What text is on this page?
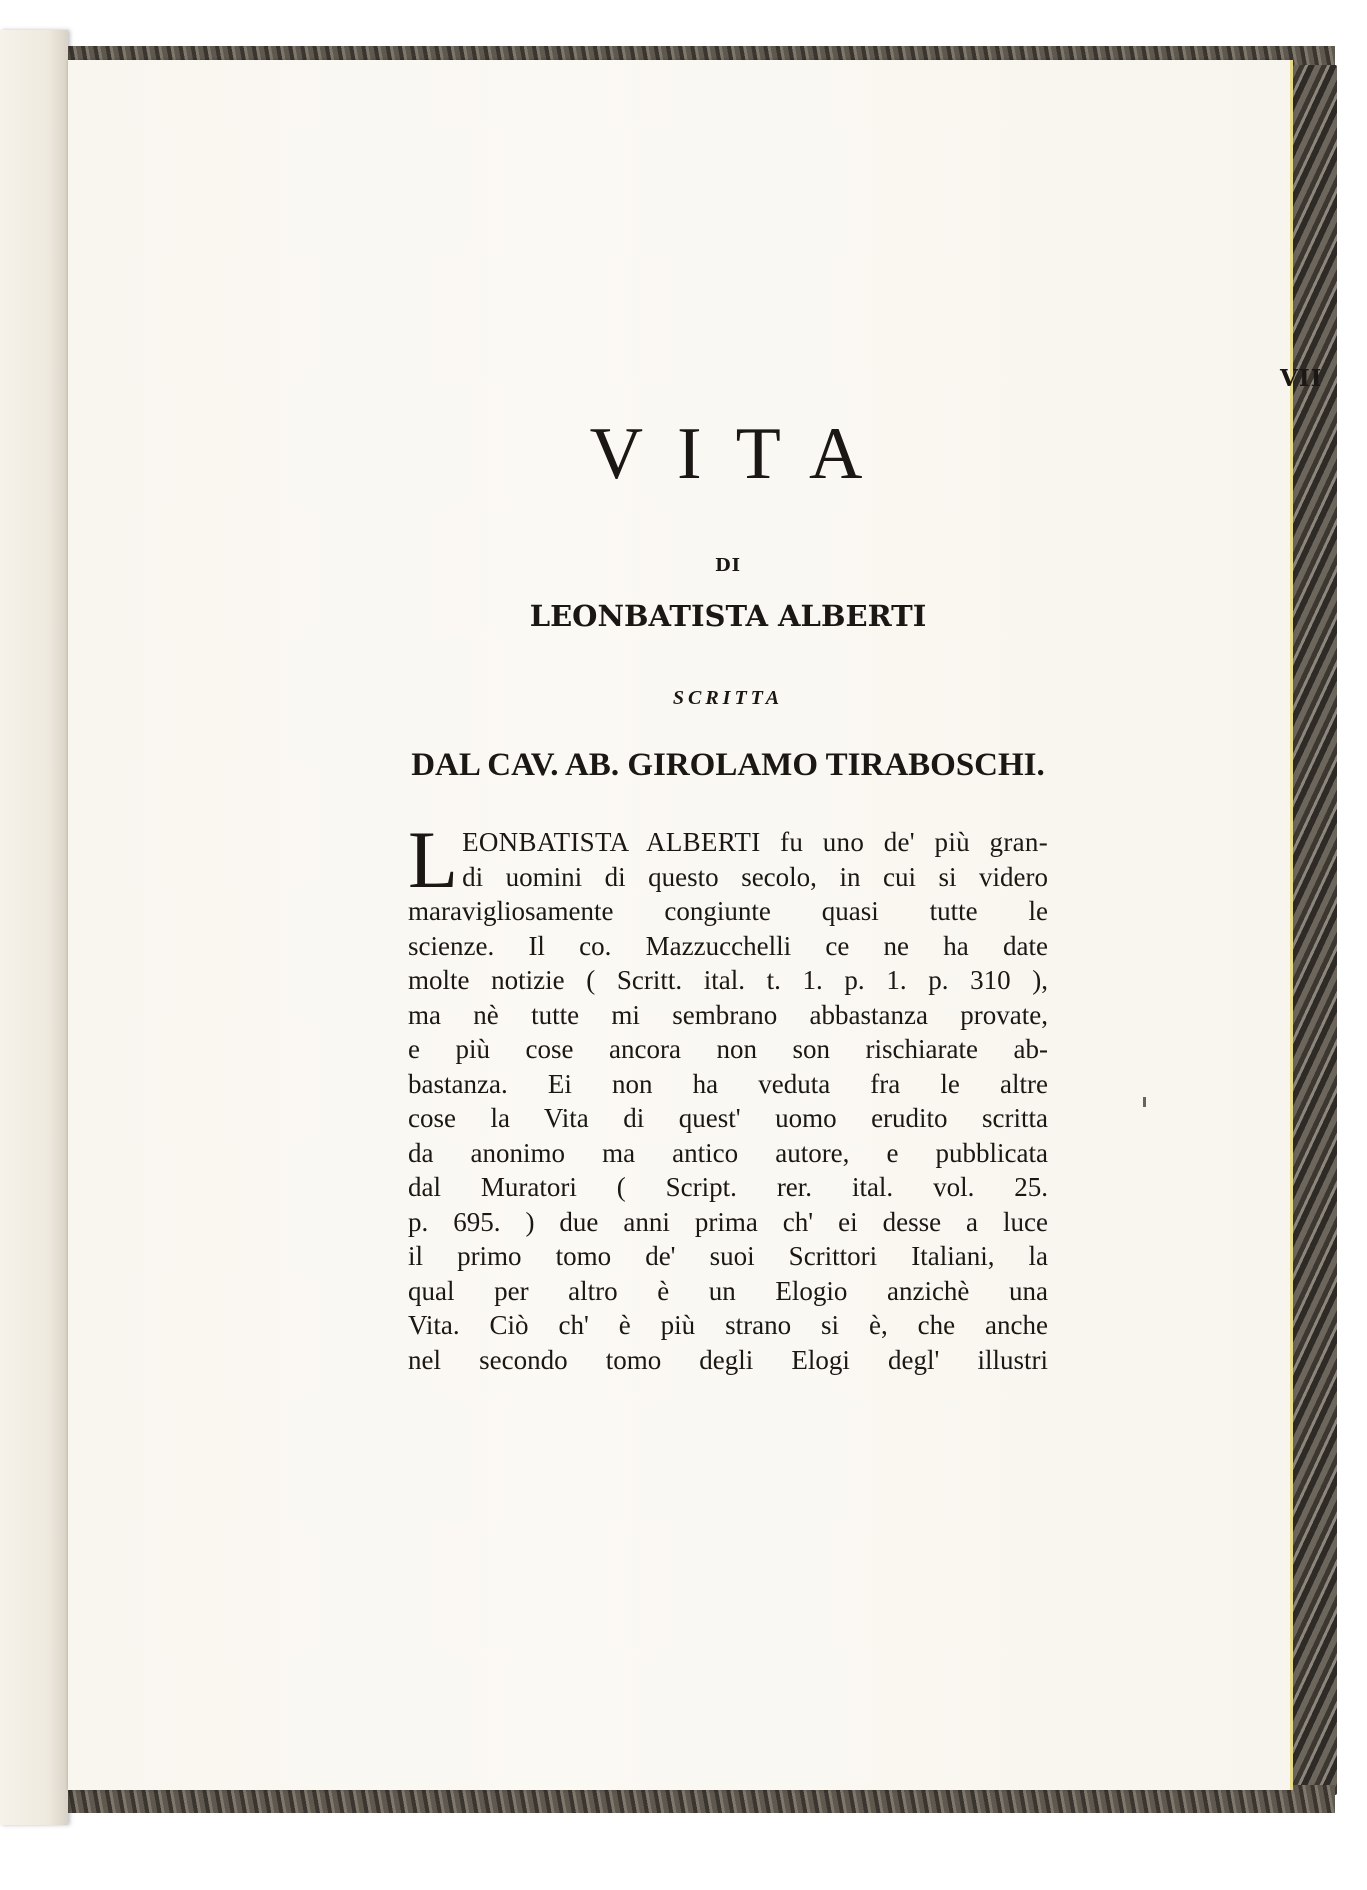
VII
VITA
DI
LEONBATISTA ALBERTI
SCRITTA
DAL CAV. AB. GIROLAMO TIRABOSCHI.
L EONBATISTA ALBERTI fu uno de' più gran-
di uomini di questo secolo, in cui si videro
maravigliosamente congiunte quasi tutte le
scienze. Il co. Mazzucchelli ce ne ha date
molte notizie ( Scritt. ital. t. 1. p. 1. p. 310 ),
ma nè tutte mi sembrano abbastanza provate,
e più cose ancora non son rischiarate ab-
bastanza. Ei non ha veduta fra le altre
cose la Vita di quest' uomo erudito scritta
da anonimo ma antico autore, e pubblicata
dal Muratori ( Script. rer. ital. vol. 25.
p. 695. ) due anni prima ch' ei desse a luce
il primo tomo de' suoi Scrittori Italiani, la
qual per altro è un Elogio anzichè una
Vita. Ciò ch' è più strano si è, che anche
nel secondo tomo degli Elogi degl' illustri
